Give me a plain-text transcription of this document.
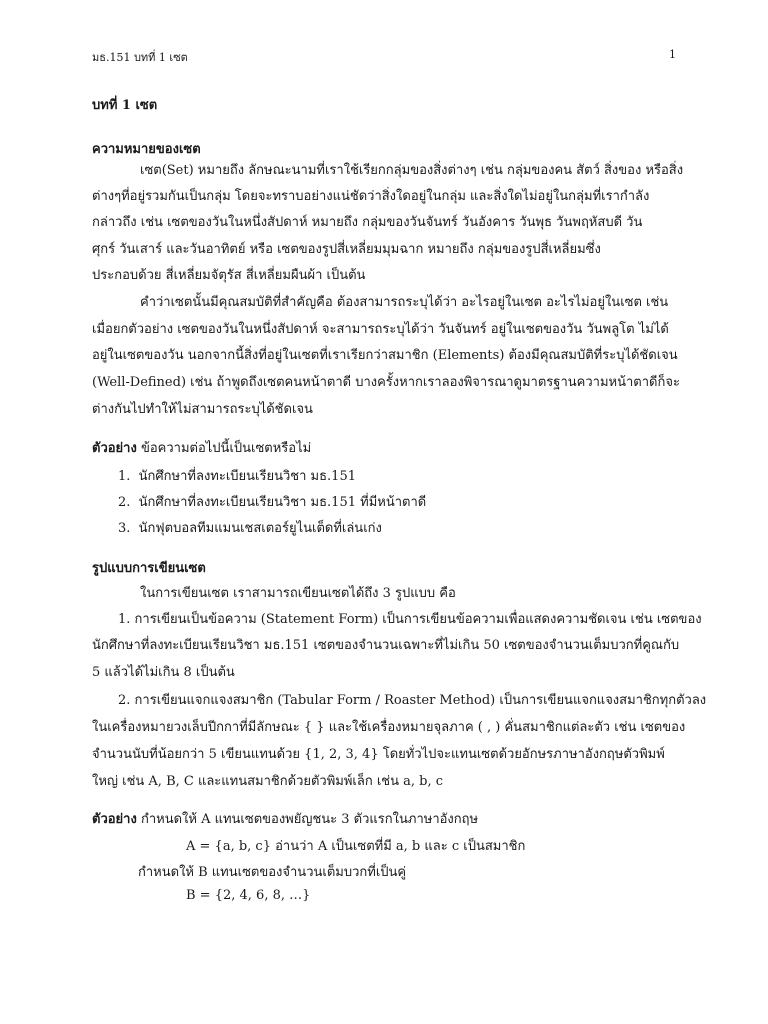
มธ.151 บทที่ 1 เซต	1
บทที่ 1 เซต
ความหมายของเซต
เซต(Set) หมายถึง ลักษณะนามที่เราใช้เรียกกลุ่มของสิ่งต่างๆ เช่น กลุ่มของคน สัตว์ สิ่งของ หรือสิ่ง
ต่างๆที่อยู่รวมกันเป็นกลุ่ม โดยจะทราบอย่างแน่ชัดว่าสิ่งใดอยู่ในกลุ่ม และสิ่งใดไม่อยู่ในกลุ่มที่เรากำลัง
กล่าวถึง เช่น เซตของวันในหนึ่งสัปดาห์ หมายถึง กลุ่มของวันจันทร์ วันอังคาร วันพุธ วันพฤหัสบดี วัน
ศุกร์ วันเสาร์ และวันอาทิตย์ หรือ เซตของรูปสี่เหลี่ยมมุมฉาก หมายถึง กลุ่มของรูปสี่เหลี่ยมซึ่ง
ประกอบด้วย สี่เหลี่ยมจัตุรัส สี่เหลี่ยมผืนผ้า เป็นต้น
คำว่าเซตนั้นมีคุณสมบัติที่สำคัญคือ ต้องสามารถระบุได้ว่า อะไรอยู่ในเซต อะไรไม่อยู่ในเซต เช่น
เมื่อยกตัวอย่าง เซตของวันในหนึ่งสัปดาห์ จะสามารถระบุได้ว่า วันจันทร์ อยู่ในเซตของวัน วันพลูโต ไม่ได้
อยู่ในเซตของวัน นอกจากนี้สิ่งที่อยู่ในเซตที่เราเรียกว่าสมาชิก (Elements) ต้องมีคุณสมบัติที่ระบุได้ชัดเจน
(Well-Defined) เช่น ถ้าพูดถึงเซตคนหน้าตาดี บางครั้งหากเราลองพิจารณาดูมาตรฐานความหน้าตาดีก็จะ
ต่างกันไปทำให้ไม่สามารถระบุได้ชัดเจน
ตัวอย่าง ข้อความต่อไปนี้เป็นเซตหรือไม่
1. นักศึกษาที่ลงทะเบียนเรียนวิชา มธ.151
2. นักศึกษาที่ลงทะเบียนเรียนวิชา มธ.151 ที่มีหน้าตาดี
3. นักฟุตบอลทีมแมนเชสเตอร์ยูไนเต็ดที่เล่นเก่ง
รูปแบบการเขียนเซต
ในการเขียนเซต เราสามารถเขียนเซตได้ถึง 3 รูปแบบ คือ
1. การเขียนเป็นข้อความ (Statement Form) เป็นการเขียนข้อความเพื่อแสดงความชัดเจน เช่น เซตของ
นักศึกษาที่ลงทะเบียนเรียนวิชา มธ.151 เซตของจำนวนเฉพาะที่ไม่เกิน 50 เซตของจำนวนเต็มบวกที่คูณกับ
5 แล้วได้ไม่เกิน 8 เป็นต้น
2. การเขียนแจกแจงสมาชิก (Tabular Form / Roaster Method) เป็นการเขียนแจกแจงสมาชิกทุกตัวลง
ในเครื่องหมายวงเล็บปีกกาที่มีลักษณะ { } และใช้เครื่องหมายจุลภาค ( , ) คั่นสมาชิกแต่ละตัว เช่น เซตของ
จำนวนนับที่น้อยกว่า 5 เขียนแทนด้วย {1, 2, 3, 4} โดยทั่วไปจะแทนเซตด้วยอักษรภาษาอังกฤษตัวพิมพ์
ใหญ่ เช่น A, B, C และแทนสมาชิกด้วยตัวพิมพ์เล็ก เช่น a, b, c
ตัวอย่าง กำหนดให้ A แทนเซตของพยัญชนะ 3 ตัวแรกในภาษาอังกฤษ
A = {a, b, c} อ่านว่า A เป็นเซตที่มี a, b และ c เป็นสมาชิก
กำหนดให้ B แทนเซตของจำนวนเต็มบวกที่เป็นคู่
B = {2, 4, 6, 8, …}
